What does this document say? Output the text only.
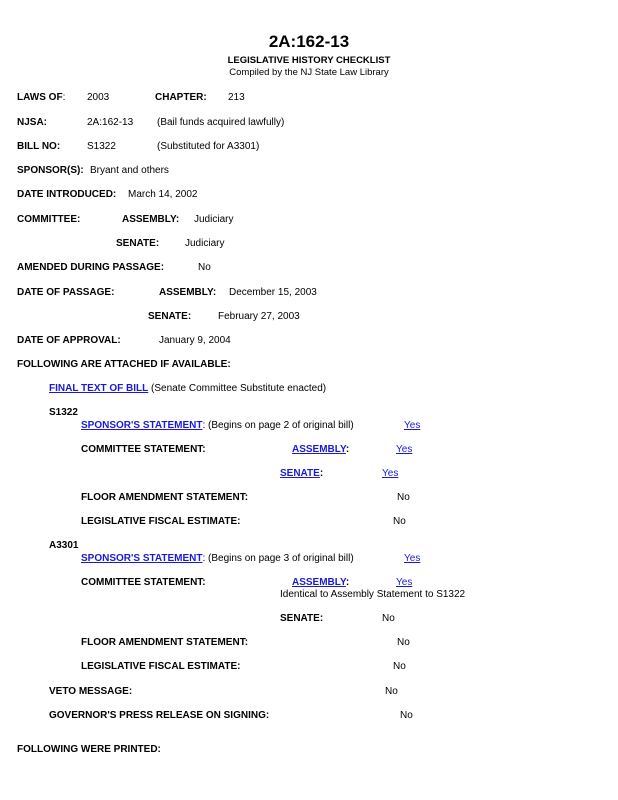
2A:162-13
LEGISLATIVE HISTORY CHECKLIST
Compiled by the NJ State Law Library
LAWS OF: 2003	CHAPTER: 213
NJSA:	2A:162-13 (Bail funds acquired lawfully)
BILL NO:	S1322	(Substituted for A3301)
SPONSOR(S): Bryant and others
DATE INTRODUCED: March 14, 2002
COMMITTEE:	ASSEMBLY: Judiciary
SENATE:	Judiciary
AMENDED DURING PASSAGE:	No
DATE OF PASSAGE:	ASSEMBLY: December 15, 2003
SENATE:	February 27, 2003
DATE OF APPROVAL:	January 9, 2004
FOLLOWING ARE ATTACHED IF AVAILABLE:
FINAL TEXT OF BILL (Senate Committee Substitute enacted)
S1322
SPONSOR'S STATEMENT: (Begins on page 2 of original bill)	Yes
COMMITTEE STATEMENT:	ASSEMBLY:	Yes
SENATE:	Yes
FLOOR AMENDMENT STATEMENT:	No
LEGISLATIVE FISCAL ESTIMATE:	No
A3301
SPONSOR'S STATEMENT: (Begins on page 3 of original bill)	Yes
COMMITTEE STATEMENT:	ASSEMBLY:	Yes
Identical to Assembly Statement to S1322
SENATE:	No
FLOOR AMENDMENT STATEMENT:	No
LEGISLATIVE FISCAL ESTIMATE:	No
VETO MESSAGE:	No
GOVERNOR'S PRESS RELEASE ON SIGNING:	No
FOLLOWING WERE PRINTED:
